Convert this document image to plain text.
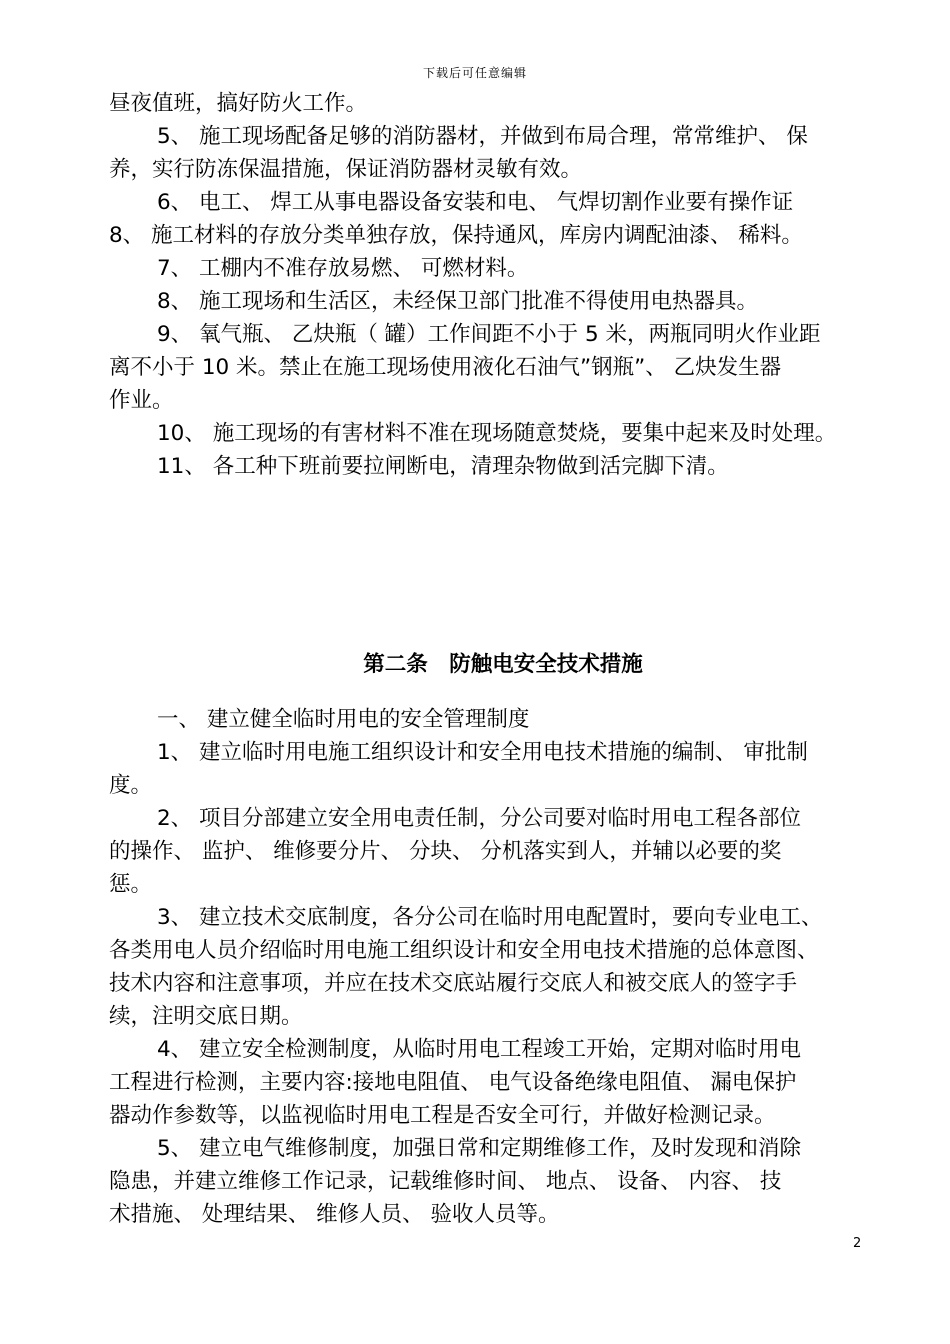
下载后可任意编辑
昼夜值班，搞好防火工作。
5、 施工现场配备足够的消防器材，并做到布局合理，常常维护、 保
养，实行防冻保温措施，保证消防器材灵敏有效。
6、 电工、 焊工从事电器设备安装和电、 气焊切割作业要有操作证
8、 施工材料的存放分类单独存放，保持通风，库房内调配油漆、 稀料。
7、 工棚内不准存放易燃、 可燃材料。
8、 施工现场和生活区，未经保卫部门批准不得使用电热器具。
9、 氧气瓶、 乙炔瓶（ 罐）工作间距不小于 5 米，两瓶同明火作业距
离不小于 10 米。禁止在施工现场使用液化石油气”钢瓶”、 乙炔发生器
作业。
10、 施工现场的有害材料不准在现场随意焚烧，要集中起来及时处理。
11、 各工种下班前要拉闸断电，清理杂物做到活完脚下清。
第二条　防触电安全技术措施
一、 建立健全临时用电的安全管理制度
1、 建立临时用电施工组织设计和安全用电技术措施的编制、 审批制
度。
2、 项目分部建立安全用电责任制，分公司要对临时用电工程各部位
的操作、 监护、 维修要分片、 分块、 分机落实到人，并辅以必要的奖
惩。
3、 建立技术交底制度，各分公司在临时用电配置时，要向专业电工、
各类用电人员介绍临时用电施工组织设计和安全用电技术措施的总体意图、
技术内容和注意事项，并应在技术交底站履行交底人和被交底人的签字手
续，注明交底日期。
4、 建立安全检测制度，从临时用电工程竣工开始，定期对临时用电
工程进行检测，主要内容:接地电阻值、 电气设备绝缘电阻值、 漏电保护
器动作参数等，以监视临时用电工程是否安全可行，并做好检测记录。
5、 建立电气维修制度，加强日常和定期维修工作，及时发现和消除
隐患，并建立维修工作记录，记载维修时间、 地点、 设备、 内容、 技
术措施、 处理结果、 维修人员、 验收人员等。
2
